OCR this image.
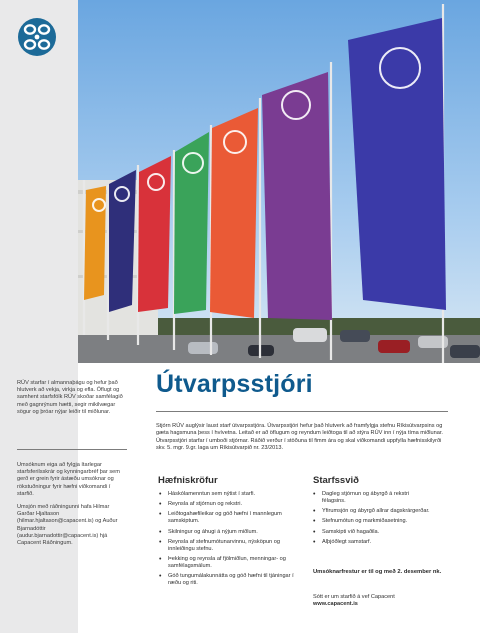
RÚV starfar í almannaþágu og hefur það hlutverk að vekja, virkja og efla. Öflugt og samhent starfsfólk RÚV skoðar samfélagið með gagnrýnum hætti, segir mikilvægar sögur og þróar nýjar leiðir til miðlunar.

Umsóknum eiga að fylgja ítarlegar starfsferilsskrár og kynningarbréf þar sem gerð er grein fyrir ástæðu umsóknar og rökstuðningur fyrir hæfni viðkomandi í starfið.

Umsjón með ráðningunni hafa Hilmar Garðar Hjaltason (hilmar.hjaltason@capacent.is) og Auður Bjarnadóttir (audur.bjarnadottir@capacent.is) hjá Capacent Ráðningum.

Útvarpsstjóri

Stjórn RÚV auglýsir laust starf útvarpsstjóra. Útvarpsstjóri hefur það hlutverk að framfylgja stefnu Ríkisútvarpsins og gæta hagsmuna þess í hvívetna. Leitað er að öflugum og reyndum leiðtoga til að stýra RÚV inn í nýja tíma miðlunar. Útvarpsstjóri starfar í umboði stjórnar. Ráðið verður í stöðuna til fimm ára og skal viðkomandi uppfylla hæfnisskilyrði skv. 5. mgr. 9.gr. laga um Ríkisútvarpið nr. 23/2013.

Hæfniskröfur
• Háskólamenntun sem nýtist í starfi.
• Reynsla af stjórnun og rekstri.
• Leiðtogahæfileikar og góð hæfni í mannlegum samskiptum.
• Skilningur og áhugi á nýjum miðlum.
• Reynsla af stefnumótunarvinnu, nýsköpun og innleiðingu stefnu.
• Þekking og reynsla af fjölmiðlun, menningar- og samfélagsmálum.
• Góð tungumálakunnátta og góð hæfni til tjáningar í ræðu og riti.
Starfssvið
• Dagleg stjórnun og ábyrgð á rekstri félagsins.
• Yfirumsjón og ábyrgð allrar dagskrárgerðar.
• Stefnumótun og markmiðasetning.
• Samskipti við hagaðila.
• Alþjóðlegt samstarf.

Umsóknarfrestur er til og með 2. desember nk.

Sótt er um starfið á vef Capacent
www.capacent.is
